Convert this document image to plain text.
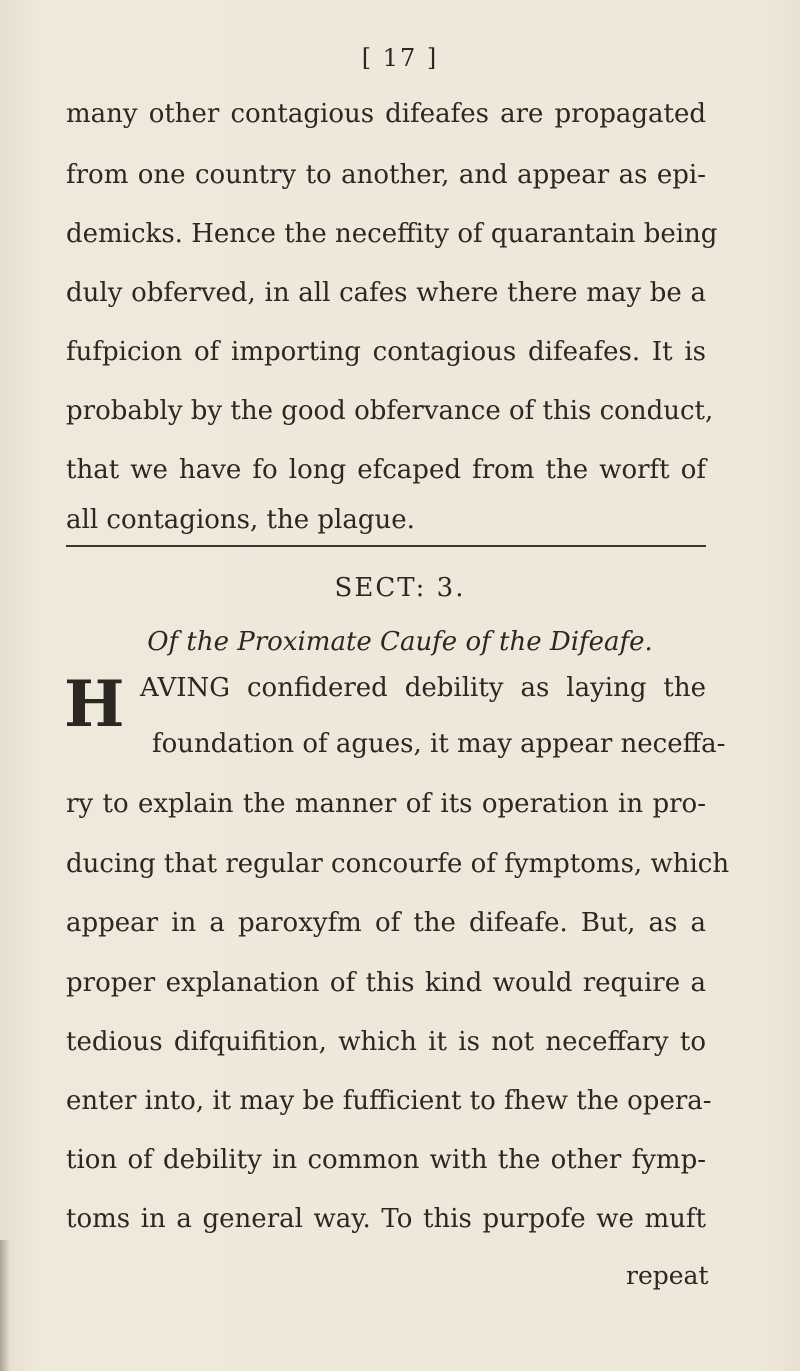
[ 17 ]

many other contagious difeafes are propagated

from one country to another, and appear as epi-

demicks. Hence the neceffity of quarantain being

duly obferved, in all cafes where there may be a

fufpicion of importing contagious difeafes. It is

probably by the good obfervance of this conduct,

that we have fo long efcaped from the worft of

all contagions, the plague.

SECT: 3.

Of the Proximate Caufe of the Difeafe.

H AVING confidered debility as laying the

foundation of agues, it may appear neceffa-

ry to explain the manner of its operation in pro-

ducing that regular concourfe of fymptoms, which

appear in a paroxyfm of the difeafe. But, as a

proper explanation of this kind would require a

tedious difquifition, which it is not neceffary to

enter into, it may be fufficient to fhew the opera-

tion of debility in common with the other fymp-

toms in a general way. To this purpofe we muft

repeat
